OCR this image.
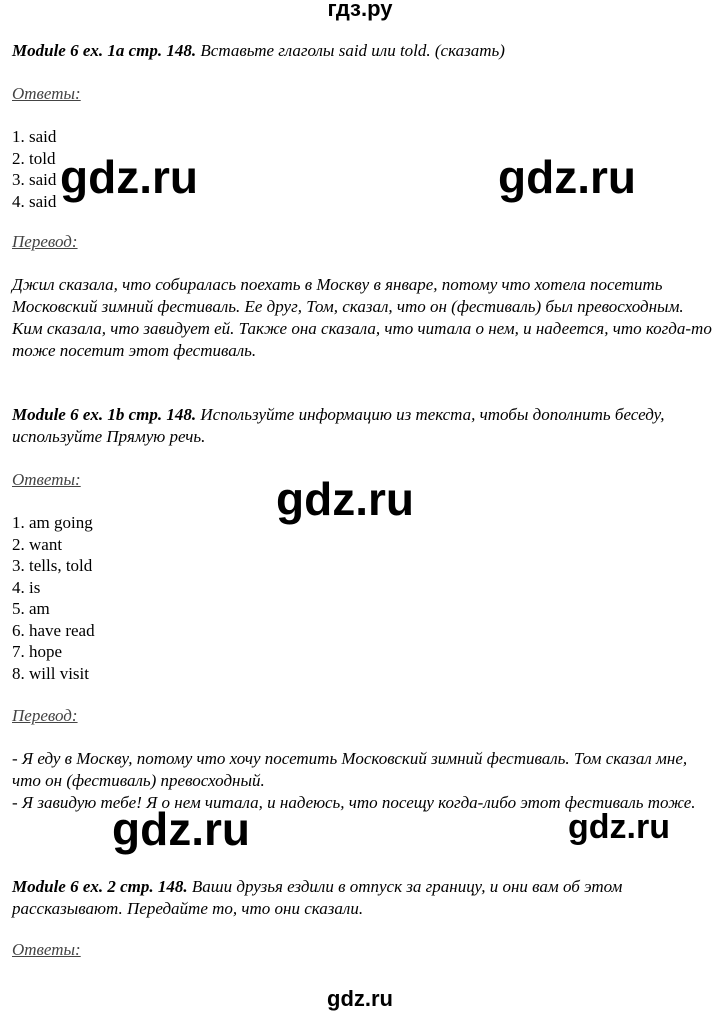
гдз.ру
Module 6 ex. 1a стр. 148. Вставьте глаголы said или told. (сказать)
Ответы:
1. said
2. told
3. said
4. said
Перевод:

Джил сказала, что собиралась поехать в Москву в январе, потому что хотела посетить Московский зимний фестиваль. Ее друг, Том, сказал, что он (фестиваль) был превосходным. Ким сказала, что завидует ей. Также она сказала, что читала о нем, и надеется, что когда-то тоже посетит этот фестиваль.

Module 6 ex. 1b стр. 148. Используйте информацию из текста, чтобы дополнить беседу, используйте Прямую речь.
Ответы:
1. am going
2. want
3. tells, told
4. is
5. am
6. have read
7. hope
8. will visit
Перевод:

- Я еду в Москву, потому что хочу посетить Московский зимний фестиваль. Том сказал мне, что он (фестиваль) превосходный.

- Я завидую тебе! Я о нем читала, и надеюсь, что посещу когда-либо этот фестиваль тоже.

Module 6 ex. 2 стр. 148. Ваши друзья ездили в отпуск за границу, и они вам об этом рассказывают. Передайте то, что они сказали.
Ответы:
gdz.ru	gdz.ru
gdz.ru
gdz.ru	gdz.ru
gdz.ru
